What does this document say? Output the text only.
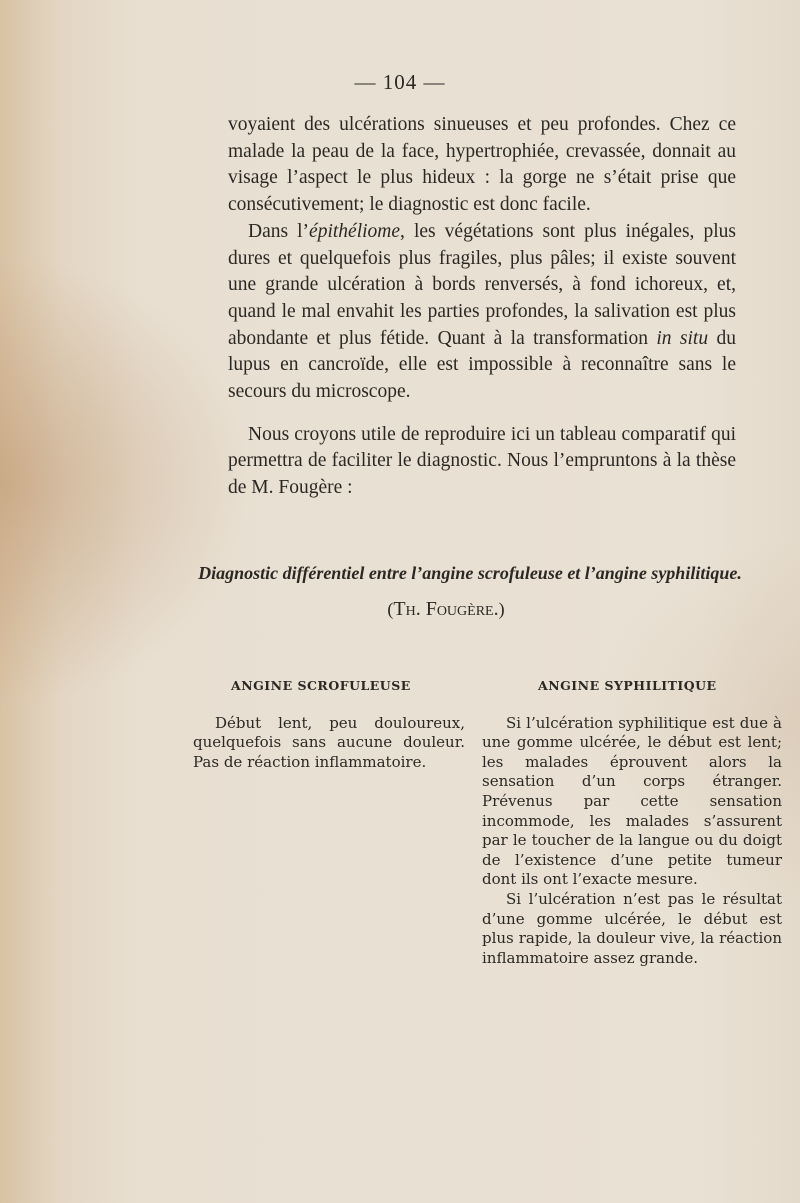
— 104 —

voyaient des ulcérations sinueuses et peu profondes. Chez ce malade la peau de la face, hypertrophiée, crevassée, donnait au visage l’aspect le plus hideux : la gorge ne s’était prise que consécutivement; le diagnostic est donc facile.

Dans l’épithéliome, les végétations sont plus inégales, plus dures et quelquefois plus fragiles, plus pâles; il existe souvent une grande ulcération à bords renversés, à fond ichoreux, et, quand le mal envahit les parties profondes, la salivation est plus abondante et plus fétide. Quant à la transformation in situ du lupus en cancroïde, elle est impossible à reconnaître sans le secours du microscope.

Nous croyons utile de reproduire ici un tableau comparatif qui permettra de faciliter le diagnostic. Nous l’empruntons à la thèse de M. Fougère :

Diagnostic différentiel entre l’angine scrofuleuse et l’angine syphilitique.
(Th. Fougère.)
ANGINE SCROFULEUSE

Début lent, peu douloureux, quelquefois sans aucune douleur. Pas de réaction inflammatoire.

ANGINE SYPHILITIQUE

Si l’ulcération syphilitique est due à une gomme ulcérée, le début est lent; les malades éprouvent alors la sensation d’un corps étranger. Prévenus par cette sensation incommode, les malades s’assurent par le toucher de la langue ou du doigt de l’existence d’une petite tumeur dont ils ont l’exacte mesure.

Si l’ulcération n’est pas le résultat d’une gomme ulcérée, le début est plus rapide, la douleur vive, la réaction inflammatoire assez grande.
